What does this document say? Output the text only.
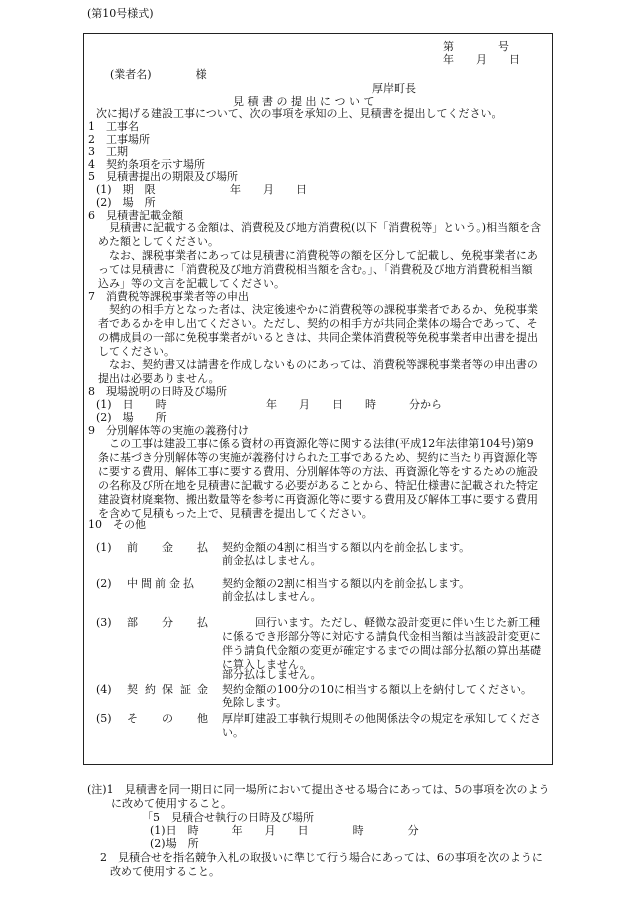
(第10号様式)
第　　　　号
年　　月　　日
(業者名)　　　　様
厚岸町長
見 積 書 の 提 出 に つ い て
次に掲げる建設工事について、次の事項を承知の上、見積書を提出してください。
1　工事名
2　工事場所
3　工期
4　契約条項を示す場所
5　見積書提出の期限及び場所
(1)　期　限	年　　月　　日
(2)　場　所
6　見積書記載金額

見積書に記載する金額は、消費税及び地方消費税(以下「消費税等」という。)相当額を含めた額としてください。

なお、課税事業者にあっては見積書に消費税等の額を区分して記載し、免税事業者にあっては見積書に「消費税及び地方消費税相当額を含む。」、「消費税及び地方消費税相当額込み」等の文言を記載してください。

7　消費税等課税事業者等の申出

契約の相手方となった者は、決定後速やかに消費税等の課税事業者であるか、免税事業者であるかを申し出てください。ただし、契約の相手方が共同企業体の場合であって、その構成員の一部に免税事業者がいるときは、共同企業体消費税等免税事業者申出書を提出してください。

なお、契約書又は請書を作成しないものにあっては、消費税等課税事業者等の申出書の提出は必要ありません。

8　現場説明の日時及び場所
(1)　日　　時	年　　月　　日　　時　　　分から
(2)　場　　所
9　分別解体等の実施の義務付け

この工事は建設工事に係る資材の再資源化等に関する法律(平成12年法律第104号)第9条に基づき分別解体等の実施が義務付けられた工事であるため、契約に当たり再資源化等に要する費用、解体工事に要する費用、分別解体等の方法、再資源化等をするための施設の名称及び所在地を見積書に記載する必要があることから、特記仕様書に記載された特定建設資材廃棄物、搬出数量等を参考に再資源化等に要する費用及び解体工事に要する費用を含めて見積もった上で、見積書を提出してください。

10　その他
(1) 前 金 払 契約金額の4割に相当する額以内を前金払します。
前金払はしません。
(2) 中 間 前 金 払	契約金額の2割に相当する額以内を前金払します。
前金払はしません。
(3) 部 分 払	回行います。ただし、軽微な設計変更に伴い生じた新工種に係るでき形部分等に対応する請負代金相当額は当該設計変更に伴う請負代金額の変更が確定するまでの間は部分払額の算出基礎に算入しません。

部分払はしません。
(4) 契 約 保 証 金 契約金額の100分の10に相当する額以上を納付してください。
免除します。
(5) そ の 他 厚岸町建設工事執行規則その他関係法令の規定を承知してください。

(注)1　見積書を同一期日に同一場所において提出させる場合にあっては、5の事項を次のように改めて使用すること。

「5　見積合せ執行の日時及び場所
(1)日　時　　　年　　月　　日　　　　時　　　　分
(2)場　所

2　見積合せを指名競争入札の取扱いに準じて行う場合にあっては、6の事項を次のように改めて使用すること。
